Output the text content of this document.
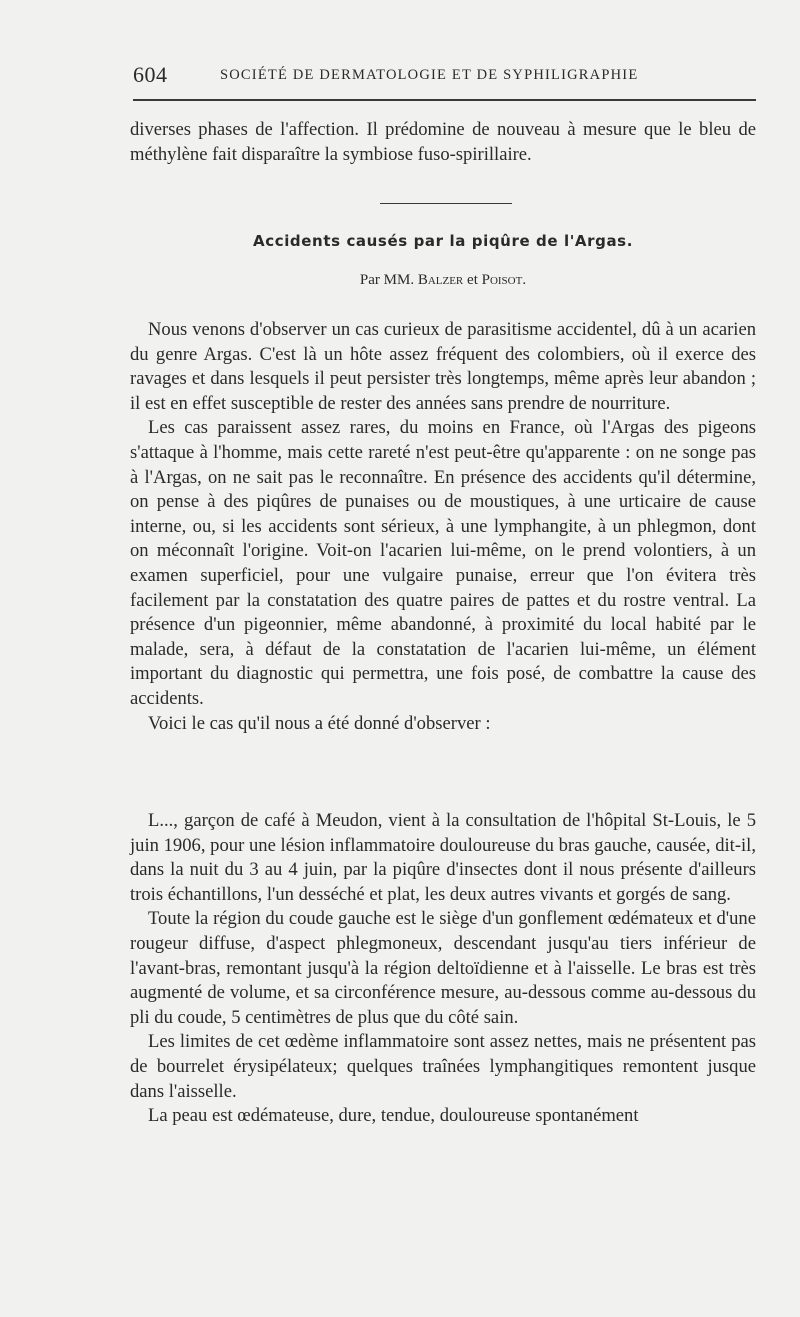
604	SOCIÉTÉ DE DERMATOLOGIE ET DE SYPHILIGRAPHIE

diverses phases de l'affection. Il prédomine de nouveau à mesure que le bleu de méthylène fait disparaître la symbiose fuso-spirillaire.

Accidents causés par la piqûre de l'Argas.
Par MM. Balzer et Poisot.

Nous venons d'observer un cas curieux de parasitisme accidentel, dû à un acarien du genre Argas. C'est là un hôte assez fréquent des colombiers, où il exerce des ravages et dans lesquels il peut persister très longtemps, même après leur abandon ; il est en effet susceptible de rester des années sans prendre de nourriture.

Les cas paraissent assez rares, du moins en France, où l'Argas des pigeons s'attaque à l'homme, mais cette rareté n'est peut-être qu'apparente : on ne songe pas à l'Argas, on ne sait pas le reconnaître. En présence des accidents qu'il détermine, on pense à des piqûres de punaises ou de moustiques, à une urticaire de cause interne, ou, si les accidents sont sérieux, à une lymphangite, à un phlegmon, dont on méconnaît l'origine. Voit-on l'acarien lui-même, on le prend volontiers, à un examen superficiel, pour une vulgaire punaise, erreur que l'on évitera très facilement par la constatation des quatre paires de pattes et du rostre ventral. La présence d'un pigeonnier, même abandonné, à proximité du local habité par le malade, sera, à défaut de la constatation de l'acarien lui-même, un élément important du diagnostic qui permettra, une fois posé, de combattre la cause des accidents.

Voici le cas qu'il nous a été donné d'observer :

L..., garçon de café à Meudon, vient à la consultation de l'hôpital St-Louis, le 5 juin 1906, pour une lésion inflammatoire douloureuse du bras gauche, causée, dit-il, dans la nuit du 3 au 4 juin, par la piqûre d'insectes dont il nous présente d'ailleurs trois échantillons, l'un desséché et plat, les deux autres vivants et gorgés de sang.

Toute la région du coude gauche est le siège d'un gonflement œdémateux et d'une rougeur diffuse, d'aspect phlegmoneux, descendant jusqu'au tiers inférieur de l'avant-bras, remontant jusqu'à la région deltoïdienne et à l'aisselle. Le bras est très augmenté de volume, et sa circonférence mesure, au-dessous comme au-dessous du pli du coude, 5 centimètres de plus que du côté sain.

Les limites de cet œdème inflammatoire sont assez nettes, mais ne présentent pas de bourrelet érysipélateux; quelques traînées lymphangitiques remontent jusque dans l'aisselle.

La peau est œdémateuse, dure, tendue, douloureuse spontanément
